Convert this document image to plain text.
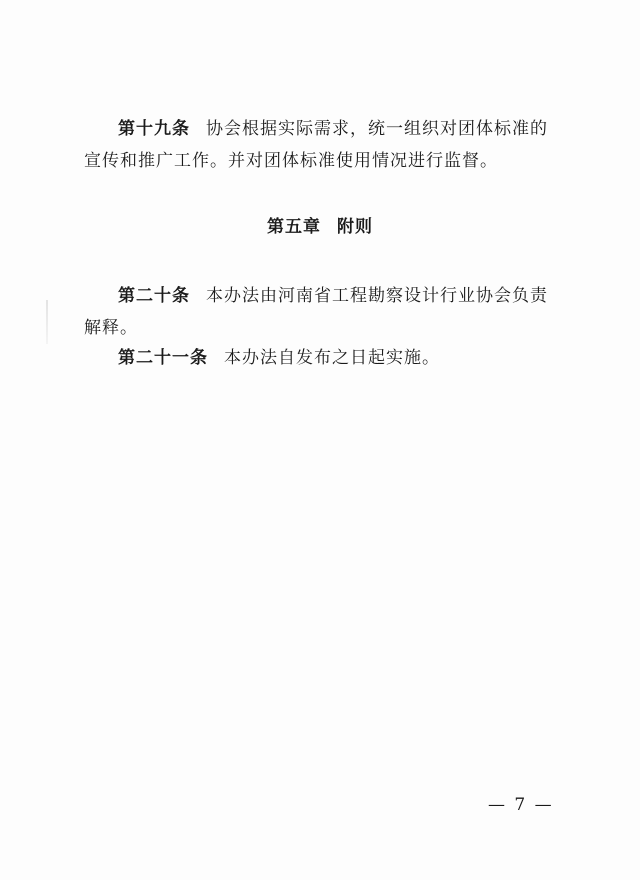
第十九条 协会根据实际需求，统一组织对团体标准的宣传和推广工作。并对团体标准使用情况进行监督。

第五章 附则

第二十条 本办法由河南省工程勘察设计行业协会负责解释。

第二十一条 本办法自发布之日起实施。

— 7 —
